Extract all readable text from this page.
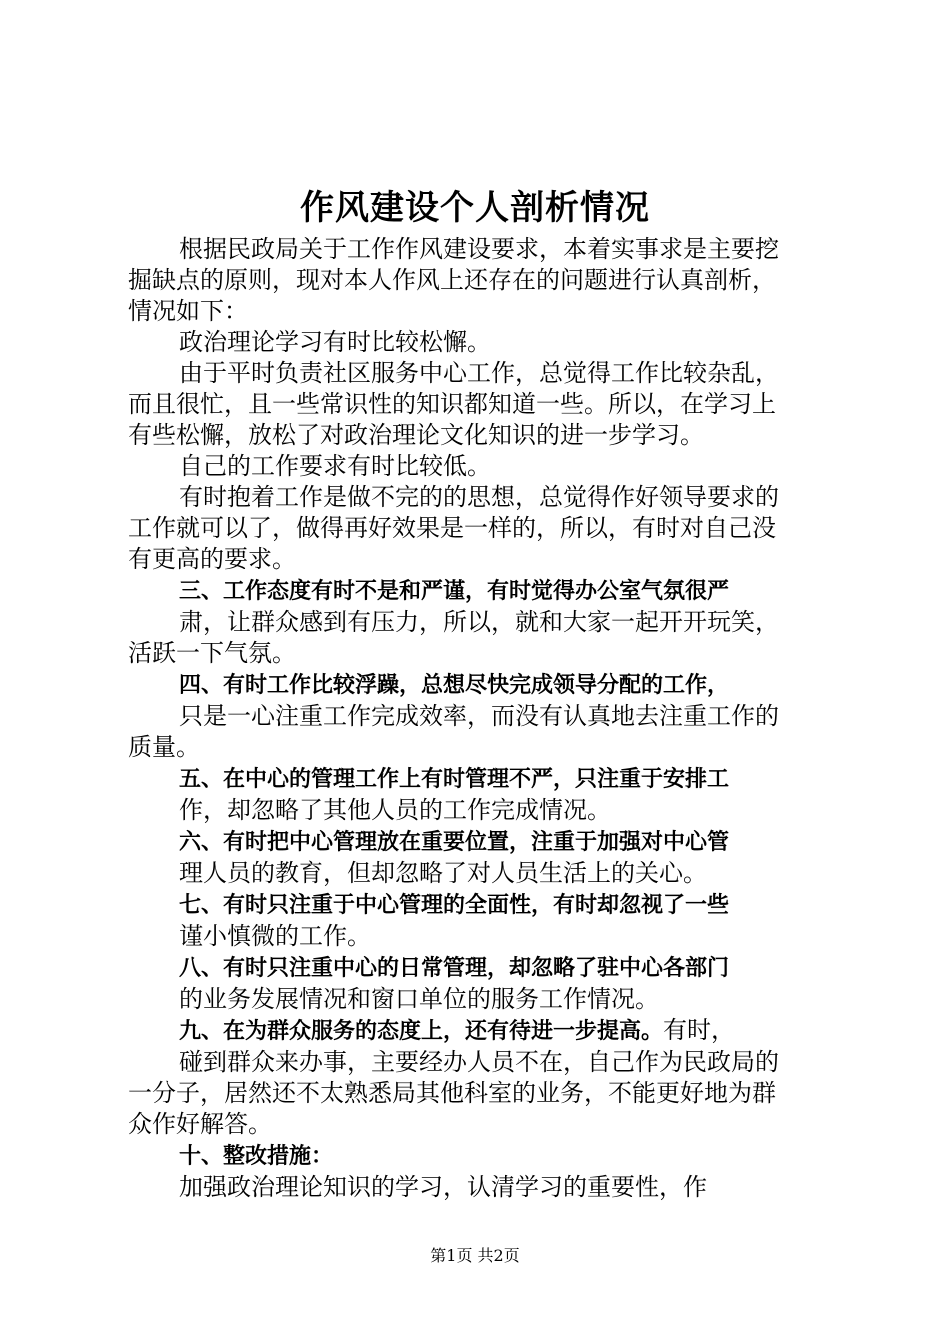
作风建设个人剖析情况
根据民政局关于工作作风建设要求，本着实事求是主要挖
掘缺点的原则，现对本人作风上还存在的问题进行认真剖析，
情况如下：
政治理论学习有时比较松懈。
由于平时负责社区服务中心工作，总觉得工作比较杂乱，
而且很忙，且一些常识性的知识都知道一些。所以，在学习上
有些松懈，放松了对政治理论文化知识的进一步学习。
自己的工作要求有时比较低。
有时抱着工作是做不完的的思想，总觉得作好领导要求的
工作就可以了，做得再好效果是一样的，所以，有时对自己没
有更高的要求。
三、工作态度有时不是和严谨，有时觉得办公室气氛很严
肃，让群众感到有压力，所以，就和大家一起开开玩笑，
活跃一下气氛。
四、有时工作比较浮躁，总想尽快完成领导分配的工作，
只是一心注重工作完成效率，而没有认真地去注重工作的
质量。
五、在中心的管理工作上有时管理不严，只注重于安排工
作，却忽略了其他人员的工作完成情况。
六、有时把中心管理放在重要位置，注重于加强对中心管
理人员的教育，但却忽略了对人员生活上的关心。
七、有时只注重于中心管理的全面性，有时却忽视了一些
谨小慎微的工作。
八、有时只注重中心的日常管理，却忽略了驻中心各部门
的业务发展情况和窗口单位的服务工作情况。
九、在为群众服务的态度上，还有待进一步提高。有时，
碰到群众来办事，主要经办人员不在，自己作为民政局的
一分子，居然还不太熟悉局其他科室的业务，不能更好地为群
众作好解答。
十、整改措施：
加强政治理论知识的学习，认清学习的重要性，作
第1页 共2页
